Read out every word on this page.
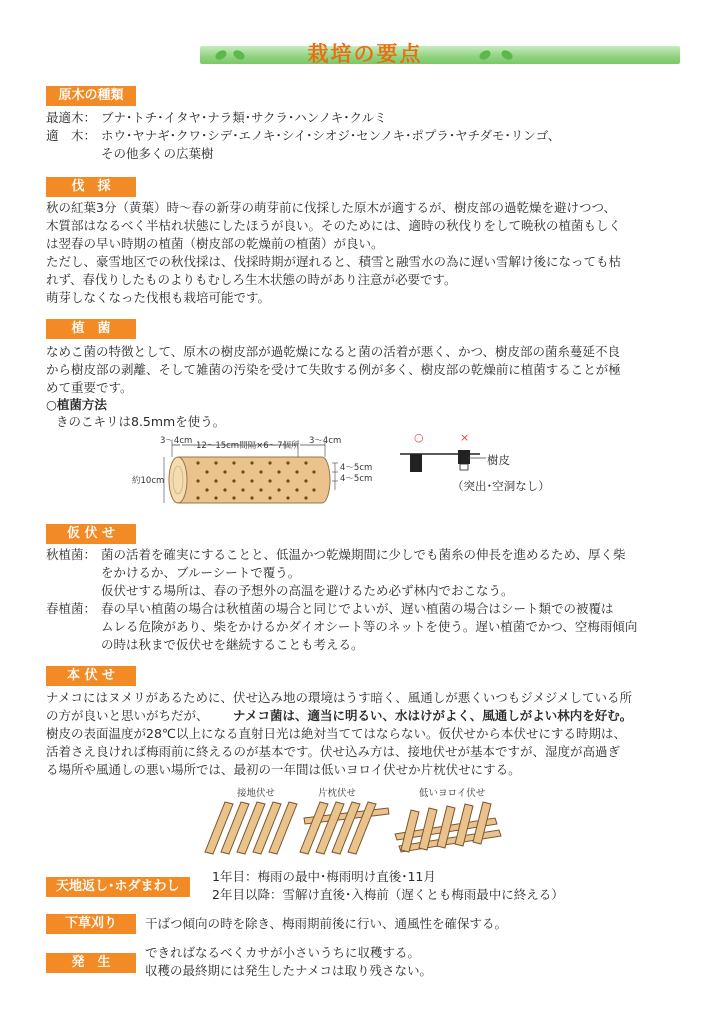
栽培の要点
原木の種類
最適木： ブナ･トチ･イタヤ･ナラ類･サクラ･ハンノキ･クルミ
適　木： ホウ･ヤナギ･クワ･シデ･エノキ･シイ･シオジ･センノキ･ポプラ･ヤチダモ･リンゴ、
その他多くの広葉樹
伐　採
秋の紅葉3分（黄葉）時～春の新芽の萌芽前に伐採した原木が適するが、樹皮部の過乾燥を避けつつ、
木質部はなるべく半枯れ状態にしたほうが良い。そのためには、適時の秋伐りをして晩秋の植菌もしく
は翌春の早い時期の植菌（樹皮部の乾燥前の植菌）が良い。
ただし、豪雪地区での秋伐採は、伐採時期が遅れると、積雪と融雪水の為に遅い雪解け後になっても枯
れず、春伐りしたものよりもむしろ生木状態の時があり注意が必要です。
萌芽しなくなった伐根も栽培可能です。
植　菌
なめこ菌の特徴として、原木の樹皮部が過乾燥になると菌の活着が悪く、かつ、樹皮部の菌糸蔓延不良
から樹皮部の剥離、そして雑菌の汚染を受けて失敗する例が多く、樹皮部の乾燥前に植菌することが極
めて重要です。
○植菌方法
きのこキリは8.5mmを使う。
3～4cm 12～15cm間隔×6～7個所 3～4cm
4～5cm
4～5cm
約10cm
○	×
樹皮
（突出･空洞なし）
仮 伏 せ
秋植菌： 菌の活着を確実にすることと、低温かつ乾燥期間に少しでも菌糸の伸長を進めるため、厚く柴
をかけるか、ブルーシートで覆う。
仮伏せする場所は、春の予想外の高温を避けるため必ず林内でおこなう。
春植菌： 春の早い植菌の場合は秋植菌の場合と同じでよいが、遅い植菌の場合はシート類での被覆は
ムレる危険があり、柴をかけるかダイオシート等のネットを使う。遅い植菌でかつ、空梅雨傾向
の時は秋まで仮伏せを継続することも考える。
本 伏 せ
ナメコにはヌメリがあるために、伏せ込み地の環境はうす暗く、風通しが悪くいつもジメジメしている所
の方が良いと思いがちだが、 ナメコ菌は、適当に明るい、水はけがよく、風通しがよい林内を好む。
樹皮の表面温度が28℃以上になる直射日光は絶対当ててはならない。仮伏せから本伏せにする時期は、
活着さえ良ければ梅雨前に終えるのが基本です。伏せ込み方は、接地伏せが基本ですが、湿度が高過ぎ
る場所や風通しの悪い場所では、最初の一年間は低いヨロイ伏せか片枕伏せにする。
接地伏せ	片枕伏せ	低いヨロイ伏せ
天地返し･ホダまわし
1年目：梅雨の最中･梅雨明け直後･11月
2年目以降：雪解け直後･入梅前（遅くとも梅雨最中に終える）
下草刈り	干ばつ傾向の時を除き、梅雨期前後に行い、通風性を確保する。
発　生
できればなるべくカサが小さいうちに収穫する。
収穫の最終期には発生したナメコは取り残さない。
